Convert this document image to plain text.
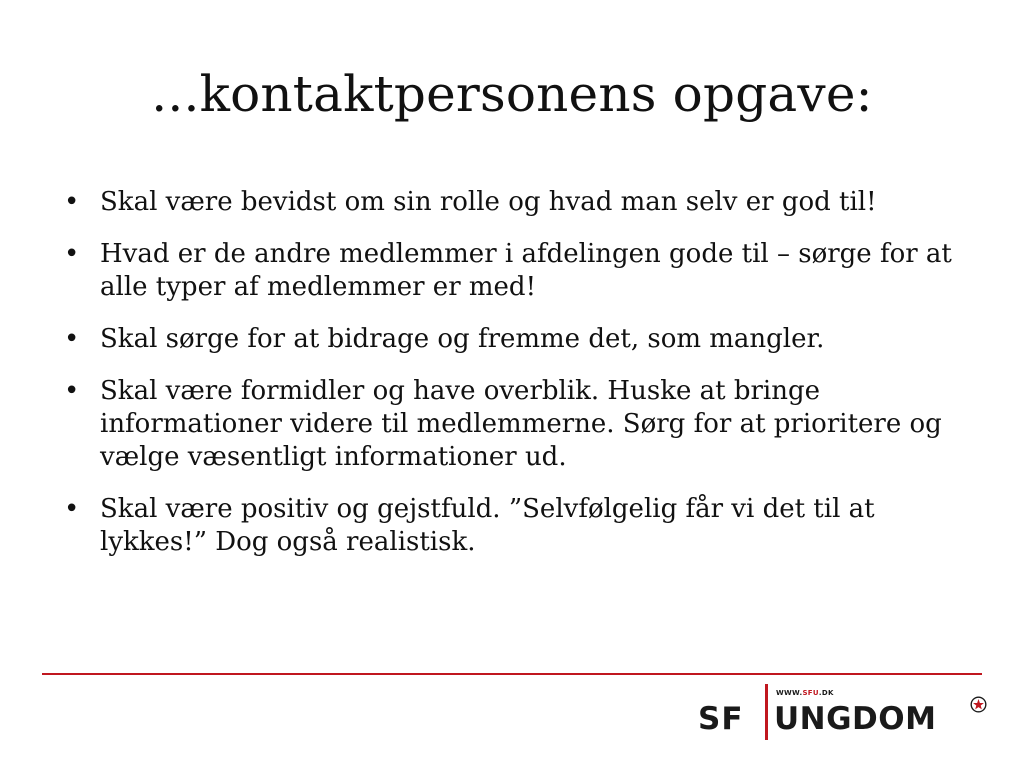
...kontaktpersonens opgave:
• Skal være bevidst om sin rolle og hvad man selv er god til!
• Hvad er de andre medlemmer i afdelingen gode til – sørge for at alle typer af medlemmer er med!
• Skal sørge for at bidrage og fremme det, som mangler.
• Skal være formidler og have overblik. Huske at bringe informationer videre til medlemmerne. Sørg for at prioritere og vælge væsentligt informationer ud.
• Skal være positiv og gejstfuld. ”Selvfølgelig får vi det til at lykkes!” Dog også realistisk.
SF
WWW.SFU.DK
UNGDOM
